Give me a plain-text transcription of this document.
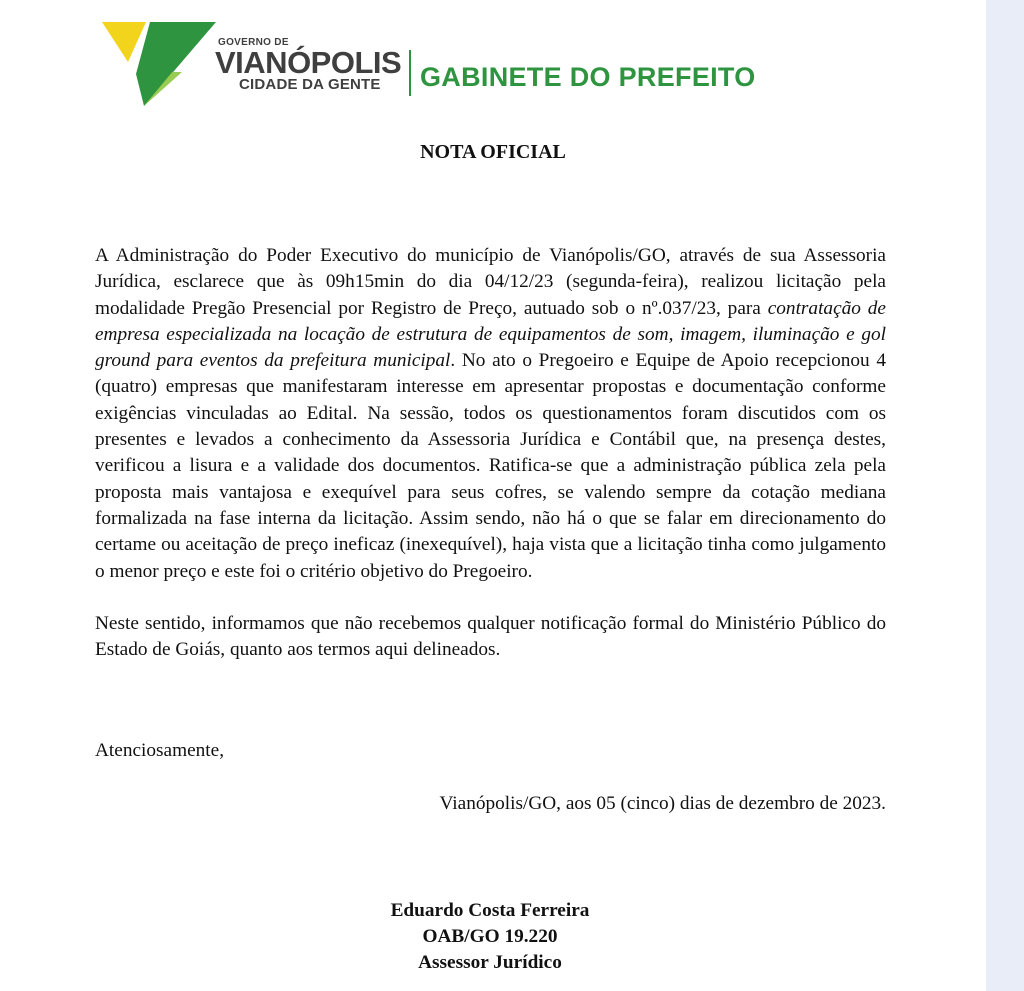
GOVERNO DE
VIANÓPOLIS
CIDADE DA GENTE GABINETE DO PREFEITO
NOTA OFICIAL

A Administração do Poder Executivo do município de Vianópolis/GO, através de sua Assessoria Jurídica, esclarece que às 09h15min do dia 04/12/23 (segunda-feira), realizou licitação pela modalidade Pregão Presencial por Registro de Preço, autuado sob o nº.037/23, para contratação de empresa especializada na locação de estrutura de equipamentos de som, imagem, iluminação e gol ground para eventos da prefeitura municipal. No ato o Pregoeiro e Equipe de Apoio recepcionou 4 (quatro) empresas que manifestaram interesse em apresentar propostas e documentação conforme exigências vinculadas ao Edital. Na sessão, todos os questionamentos foram discutidos com os presentes e levados a conhecimento da Assessoria Jurídica e Contábil que, na presença destes, verificou a lisura e a validade dos documentos. Ratifica-se que a administração pública zela pela proposta mais vantajosa e exequível para seus cofres, se valendo sempre da cotação mediana formalizada na fase interna da licitação. Assim sendo, não há o que se falar em direcionamento do certame ou aceitação de preço ineficaz (inexequível), haja vista que a licitação tinha como julgamento o menor preço e este foi o critério objetivo do Pregoeiro.

Neste sentido, informamos que não recebemos qualquer notificação formal do Ministério Público do Estado de Goiás, quanto aos termos aqui delineados.

Atenciosamente,
Vianópolis/GO, aos 05 (cinco) dias de dezembro de 2023.
Eduardo Costa Ferreira
OAB/GO 19.220
Assessor Jurídico
